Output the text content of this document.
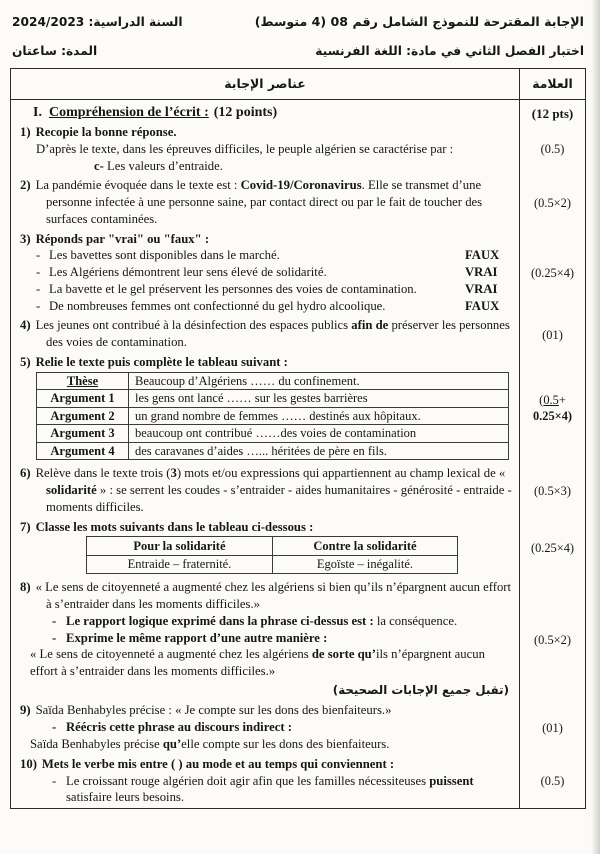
الإجابة المقترحة للنموذج الشامل رقم 08 (4 متوسط)
السنة الدراسية: 2024/2023
اختبار الفصل الثاني في مادة: اللغة الفرنسية
المدة: ساعتان
عناصر الإجابة	العلامة
I. Compréhension de l’écrit : (12 points)	(12 pts)
1) Recopie la bonne réponse.
D’après le texte, dans les épreuves difficiles, le peuple algérien se caractérise par :
c- Les valeurs d’entraide.
(0.5)
2) La pandémie évoquée dans le texte est : Covid-19/Coronavirus. Elle se transmet d’une personne infectée à une personne saine, par contact direct ou par le fait de toucher des surfaces contaminées.
(0.5×2)
3) Réponds par "vrai" ou "faux" :
- Les bavettes sont disponibles dans le marché.	FAUX
- Les Algériens démontrent leur sens élevé de solidarité.	VRAI
- La bavette et le gel préservent les personnes des voies de contamination.	VRAI
- De nombreuses femmes ont confectionné du gel hydro alcoolique.	FAUX
(0.25×4)
4) Les jeunes ont contribué à la désinfection des espaces publics afin de préserver les personnes des voies de contamination.
(01)
5) Relie le texte puis complète le tableau suivant :
Thèse	Beaucoup d’Algériens …… du confinement.
Argument 1	les gens ont lancé …… sur les gestes barrières
Argument 2	un grand nombre de femmes …… destinés aux hôpitaux.
Argument 3	beaucoup ont contribué ……des voies de contamination
Argument 4	des caravanes d’aides …... héritées de père en fils.
(0.5+
0.25×4)
6) Relève dans le texte trois (3) mots et/ou expressions qui appartiennent au champ lexical de « solidarité » : se serrent les coudes - s’entraider - aides humanitaires - générosité - entraide - moments difficiles.
(0.5×3)
7) Classe les mots suivants dans le tableau ci-dessous :
Pour la solidarité	Contre la solidarité
Entraide – fraternité.	Egoïste – inégalité.
(0.25×4)
8) « Le sens de citoyenneté a augmenté chez les algériens si bien qu’ils n’épargnent aucun effort à s’entraider dans les moments difficiles.»
- Le rapport logique exprimé dans la phrase ci-dessus est : la conséquence.
- Exprime le même rapport d’une autre manière :
« Le sens de citoyenneté a augmenté chez les algériens de sorte qu’ils n’épargnent aucun effort à s’entraider dans les moments difficiles.»
(تقبل جميع الإجابات الصحيحة)
(0.5×2)
9) Saïda Benhabyles précise : « Je compte sur les dons des bienfaiteurs.»
- Réécris cette phrase au discours indirect :
Saïda Benhabyles précise qu’elle compte sur les dons des bienfaiteurs.
(01)
10) Mets le verbe mis entre ( ) au mode et au temps qui conviennent :
- Le croissant rouge algérien doit agir afin que les familles nécessiteuses puissent satisfaire leurs besoins.
(0.5)
